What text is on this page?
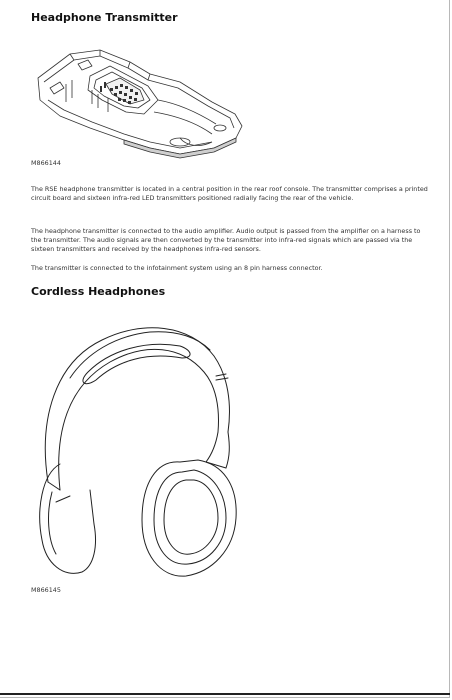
Headphone Transmitter

M866144

The RSE headphone transmitter is located in a central position in the rear roof console. The transmitter comprises a printed circuit board and sixteen infra-red LED transmitters positioned radially facing the rear of the vehicle.

The headphone transmitter is connected to the audio amplifier. Audio output is passed from the amplifier on a harness to the transmitter. The audio signals are then converted by the transmitter into infra-red signals which are passed via the sixteen transmitters and received by the headphones infra-red sensors.

The transmitter is connected to the infotainment system using an 8 pin harness connector.

Cordless Headphones

M866145
